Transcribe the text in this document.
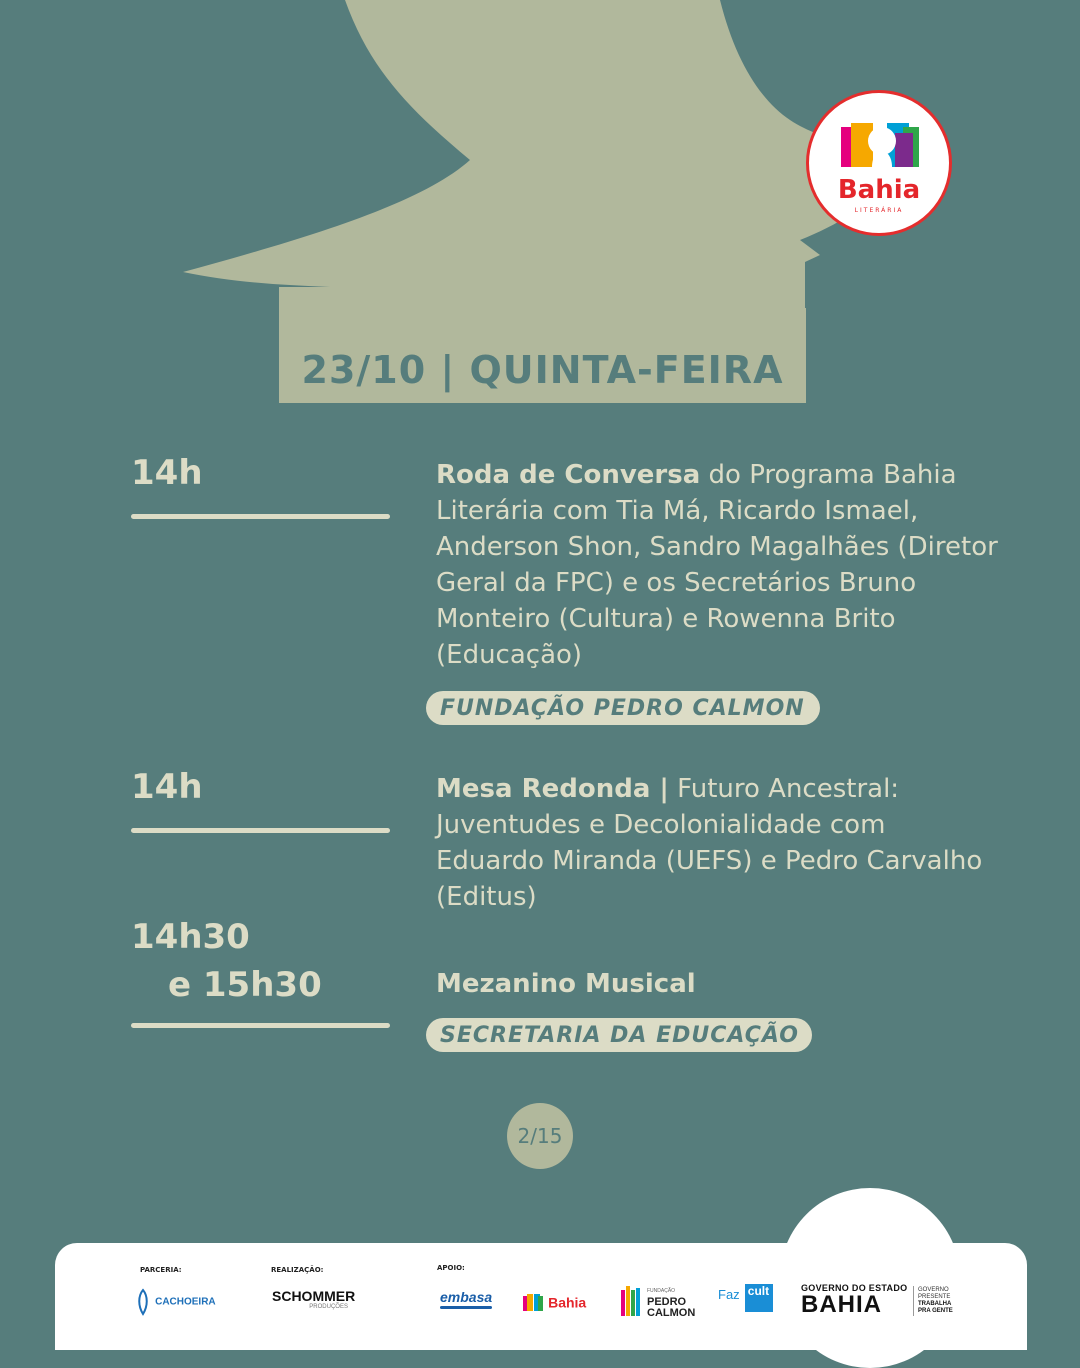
23/10 | QUINTA-FEIRA
Bahia
LITERÁRIA
14h	Roda de Conversa do Programa Bahia Literária com Tia Má, Ricardo Ismael, Anderson Shon, Sandro Magalhães (Diretor Geral da FPC) e os Secretários Bruno Monteiro (Cultura) e Rowenna Brito (Educação)
FUNDAÇÃO PEDRO CALMON
14h	Mesa Redonda | Futuro Ancestral: Juventudes e Decolonialidade com Eduardo Miranda (UEFS) e Pedro Carvalho (Editus)
14h30
e 15h30	Mezanino Musical
SECRETARIA DA EDUCAÇÃO
2/15
PARCERIA:	REALIZAÇÃO:	APOIO:
CACHOEIRA	SCHOMMER
PRODUÇÕES
embasa	Bahia
FUNDAÇÃO
PEDRO
CALMON
Faz cult	GOVERNO DO ESTADO
BAHIA
GOVERNO
PRESENTE
TRABALHA
PRA GENTE
